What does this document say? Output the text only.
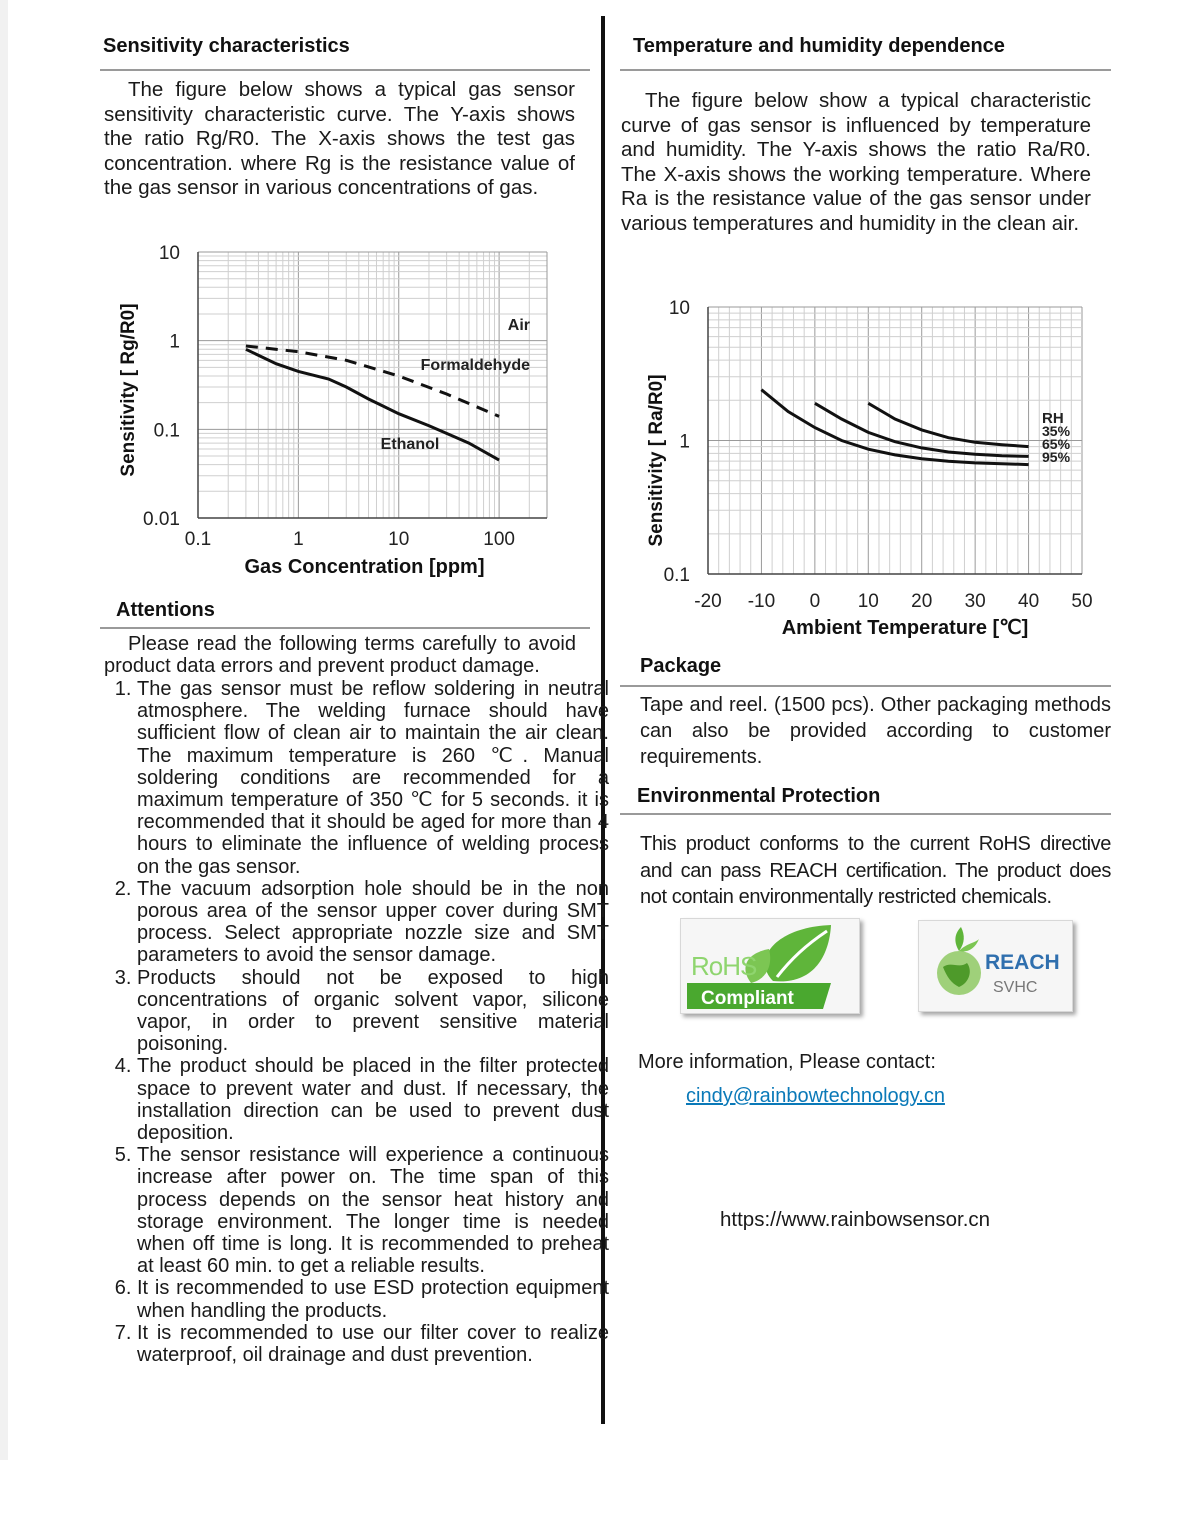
Sensitivity characteristics
The figure below shows a typical gas sensor sensitivity characteristic curve. The Y-axis shows the ratio Rg/R0. The X-axis shows the test gas concentration. where Rg is the resistance value of the gas sensor in various concentrations of gas.
0.01
0.1
1
10
0.1	1	10	100
Gas Concentration [ppm]
Sensitivity [ Rg/R0]	Air
Formaldehyde
Ethanol
Attentions
Please read the following terms carefully to avoid product data errors and prevent product damage.
1. The gas sensor must be reflow soldering in neutral atmosphere. The welding furnace should have sufficient flow of clean air to maintain the air clean. The maximum temperature is 260 ℃. Manual soldering conditions are recommended for a maximum temperature of 350 ℃ for 5 seconds. it is recommended that it should be aged for more than 4 hours to eliminate the influence of welding process on the gas sensor.
2. The vacuum adsorption hole should be in the non porous area of the sensor upper cover during SMT process. Select appropriate nozzle size and SMT parameters to avoid the sensor damage.
3. Products should not be exposed to high concentrations of organic solvent vapor, silicone vapor, in order to prevent sensitive material poisoning.
4. The product should be placed in the filter protected space to prevent water and dust. If necessary, the installation direction can be used to prevent dust deposition.
5. The sensor resistance will experience a continuous increase after power on. The time span of this process depends on the sensor heat history and storage environment. The longer time is needed when off time is long. It is recommended to preheat at least 60 min. to get a reliable results.
6. It is recommended to use ESD protection equipment when handling the products.
7. It is recommended to use our filter cover to realize waterproof, oil drainage and dust prevention.
Temperature and humidity dependence
The figure below show a typical characteristic curve of gas sensor is influenced by temperature and humidity. The Y-axis shows the ratio Ra/R0. The X-axis shows the working temperature. Where Ra is the resistance value of the gas sensor under various temperatures and humidity in the clean air.
0.1
1
10
-20 -10 0 10 20 30 40 50
Ambient Temperature [℃]
Sensitivity [ Ra/R0]	RH
35%
65%
95%
Package
Tape and reel. (1500 pcs). Other packaging methods can also be provided according to customer requirements.
Environmental Protection
This product conforms to the current RoHS directive and can pass REACH certification. The product does not contain environmentally restricted chemicals.
RoHS
Compliant
REACH
SVHC
More information, Please contact:
cindy@rainbowtechnology.cn
https://www.rainbowsensor.cn
